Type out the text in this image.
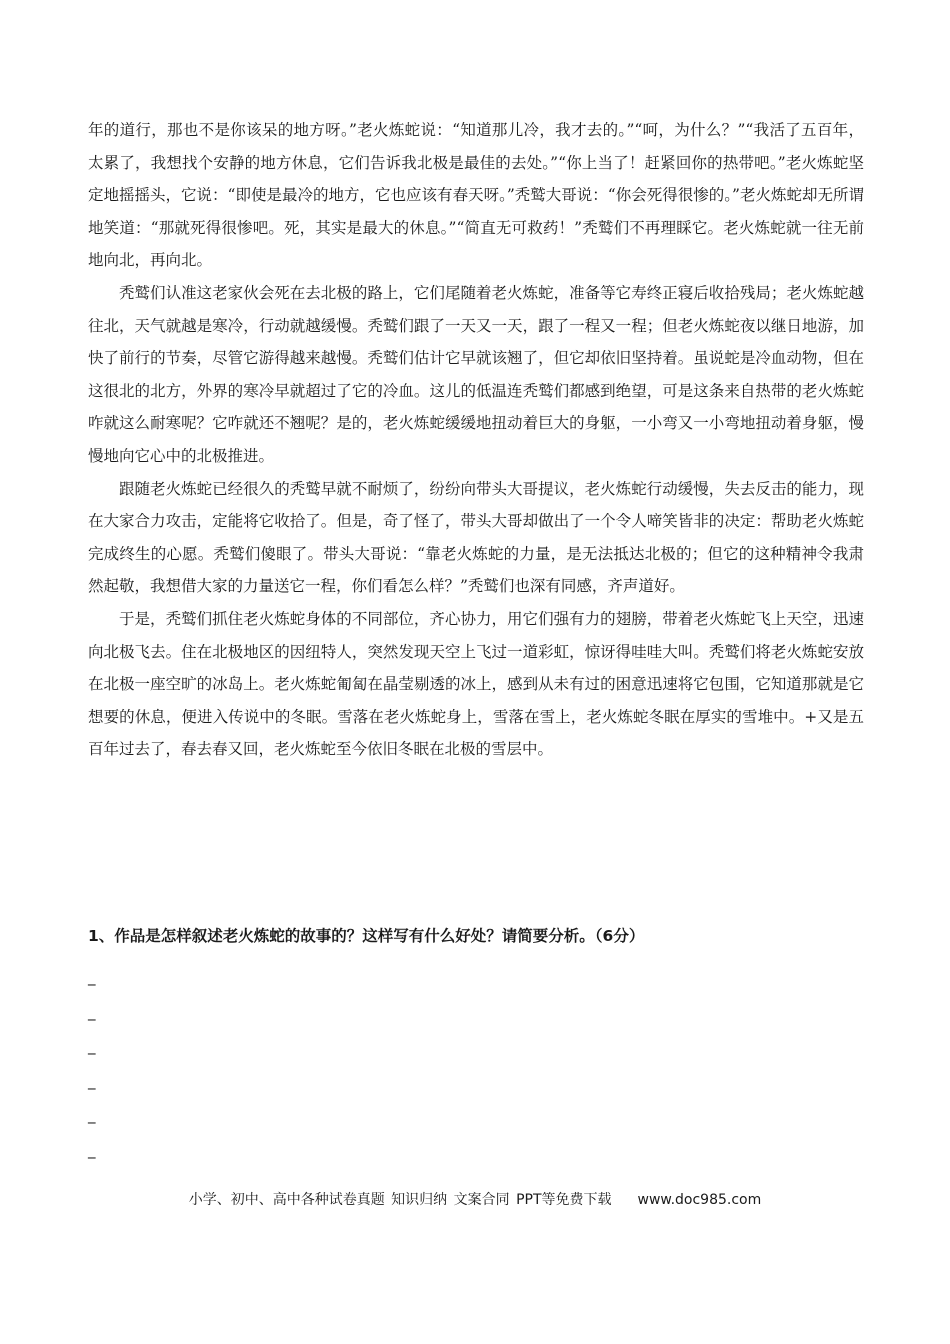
年的道行，那也不是你该呆的地方呀。”老火炼蛇说：“知道那儿冷，我才去的。”“呵，为什么？”“我活了五百年，太累了，我想找个安静的地方休息，它们告诉我北极是最佳的去处。”“你上当了！赶紧回你的热带吧。”老火炼蛇坚定地摇摇头，它说：“即使是最冷的地方，它也应该有春天呀。”秃鹫大哥说：“你会死得很惨的。”老火炼蛇却无所谓地笑道：“那就死得很惨吧。死，其实是最大的休息。”“简直无可救药！”秃鹫们不再理睬它。老火炼蛇就一往无前地向北，再向北。

秃鹫们认准这老家伙会死在去北极的路上，它们尾随着老火炼蛇，准备等它寿终正寝后收拾残局；老火炼蛇越往北，天气就越是寒冷，行动就越缓慢。秃鹫们跟了一天又一天，跟了一程又一程；但老火炼蛇夜以继日地游，加快了前行的节奏，尽管它游得越来越慢。秃鹫们估计它早就该翘了，但它却依旧坚持着。虽说蛇是冷血动物，但在这很北的北方，外界的寒冷早就超过了它的冷血。这儿的低温连秃鹫们都感到绝望，可是这条来自热带的老火炼蛇咋就这么耐寒呢？它咋就还不翘呢？是的，老火炼蛇缓缓地扭动着巨大的身躯，一小弯又一小弯地扭动着身躯，慢慢地向它心中的北极推进。

跟随老火炼蛇已经很久的秃鹫早就不耐烦了，纷纷向带头大哥提议，老火炼蛇行动缓慢，失去反击的能力，现在大家合力攻击，定能将它收拾了。但是，奇了怪了，带头大哥却做出了一个令人啼笑皆非的决定：帮助老火炼蛇完成终生的心愿。秃鹫们傻眼了。带头大哥说：“靠老火炼蛇的力量，是无法抵达北极的；但它的这种精神令我肃然起敬，我想借大家的力量送它一程，你们看怎么样？”秃鹫们也深有同感，齐声道好。

于是，秃鹫们抓住老火炼蛇身体的不同部位，齐心协力，用它们强有力的翅膀，带着老火炼蛇飞上天空，迅速向北极飞去。住在北极地区的因纽特人，突然发现天空上飞过一道彩虹，惊讶得哇哇大叫。秃鹫们将老火炼蛇安放在北极一座空旷的冰岛上。老火炼蛇匍匐在晶莹剔透的冰上，感到从未有过的困意迅速将它包围，它知道那就是它想要的休息，便进入传说中的冬眠。雪落在老火炼蛇身上，雪落在雪上，老火炼蛇冬眠在厚实的雪堆中。+又是五百年过去了，春去春又回，老火炼蛇至今依旧冬眠在北极的雪层中。

1、作品是怎样叙述老火炼蛇的故事的？这样写有什么好处？请简要分析。（6分）
_
_
_
_
_
_
小学、初中、高中各种试卷真题 知识归纳 文案合同 PPT等免费下载 www.doc985.com
